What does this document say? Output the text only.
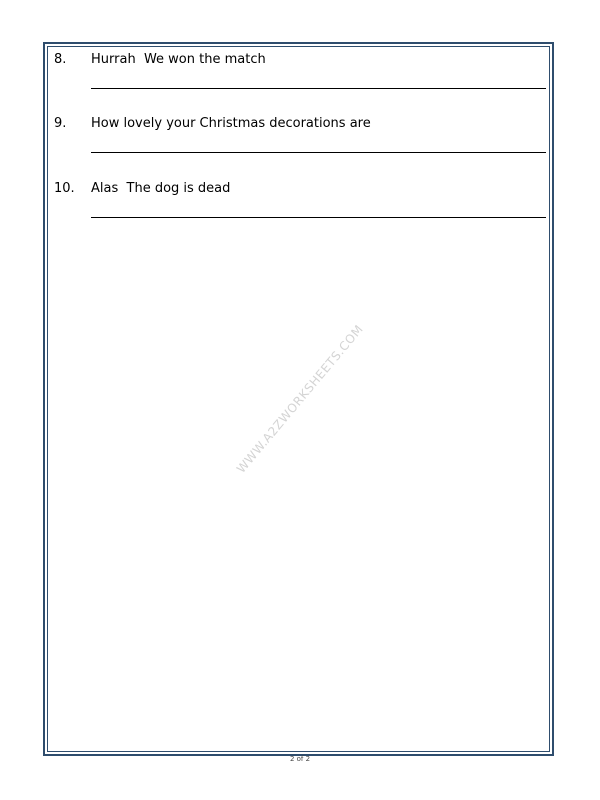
8. Hurrah  We won the match
9. How lovely your Christmas decorations are
10. Alas  The dog is dead
WWW.A2ZWORKSHEETS.COM
2 of 2
